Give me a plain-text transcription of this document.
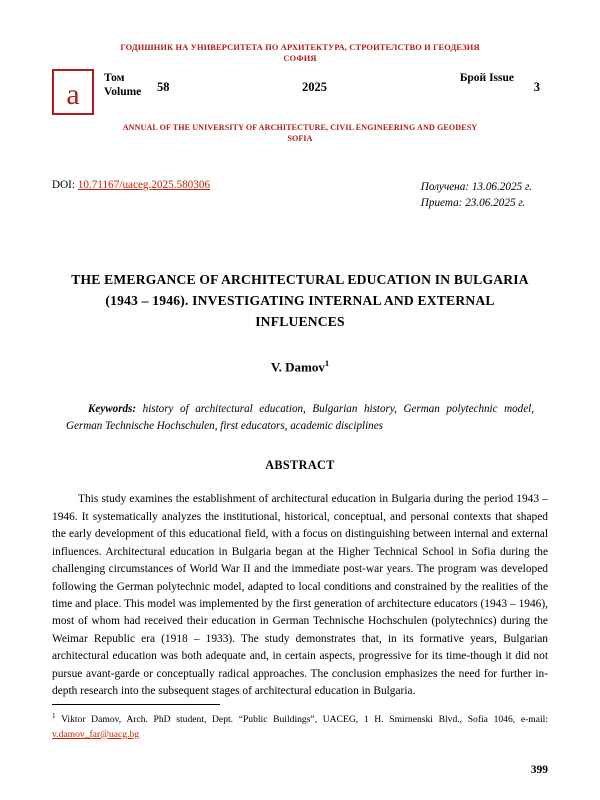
ГОДИШНИК НА УНИВЕРСИТЕТА ПО АРХИТЕКТУРА, СТРОИТЕЛСТВО И ГЕОДЕЗИЯ
СОФИЯ
a Том
Volume 58	2025
Брой Issue
3
ANNUAL OF THE UNIVERSITY OF ARCHITECTURE, CIVIL ENGINEERING AND GEODESY
SOFIA
DOI: 10.71167/uaceg.2025.580306	Получена: 13.06.2025 г.
Приета: 23.06.2025 г.
THE EMERGANCE OF ARCHITECTURAL EDUCATION IN BULGARIA (1943 – 1946). INVESTIGATING INTERNAL AND EXTERNAL INFLUENCES
V. Damov$^1$
Keywords: history of architectural education, Bulgarian history, German polytechnic model, German Technische Hochschulen, first educators, academic disciplines
ABSTRACT
This study examines the establishment of architectural education in Bulgaria during the period 1943 – 1946. It systematically analyzes the institutional, historical, conceptual, and personal contexts that shaped the early development of this educational field, with a focus on distinguishing between internal and external influences. Architectural education in Bulgaria began at the Higher Technical School in Sofia during the challenging circumstances of World War II and the immediate post-war years. The program was developed following the German polytechnic model, adapted to local conditions and constrained by the realities of the time and place. This model was implemented by the first generation of architecture educators (1943 – 1946), most of whom had received their education in German Technische Hochschulen (polytechnics) during the Weimar Republic era (1918 – 1933). The study demonstrates that, in its formative years, Bulgarian architectural education was both adequate and, in certain aspects, progressive for its time-though it did not pursue avant-garde or conceptually radical approaches. The conclusion emphasizes the need for further in-depth research into the subsequent stages of architectural education in Bulgaria.
$^1$ Viktor Damov, Arch. PhD student, Dept. “Public Buildings”, UACEG, 1 H. Smirnenski Blvd., Sofia 1046, e-mail: v.damov_far@uacg.bg
399
